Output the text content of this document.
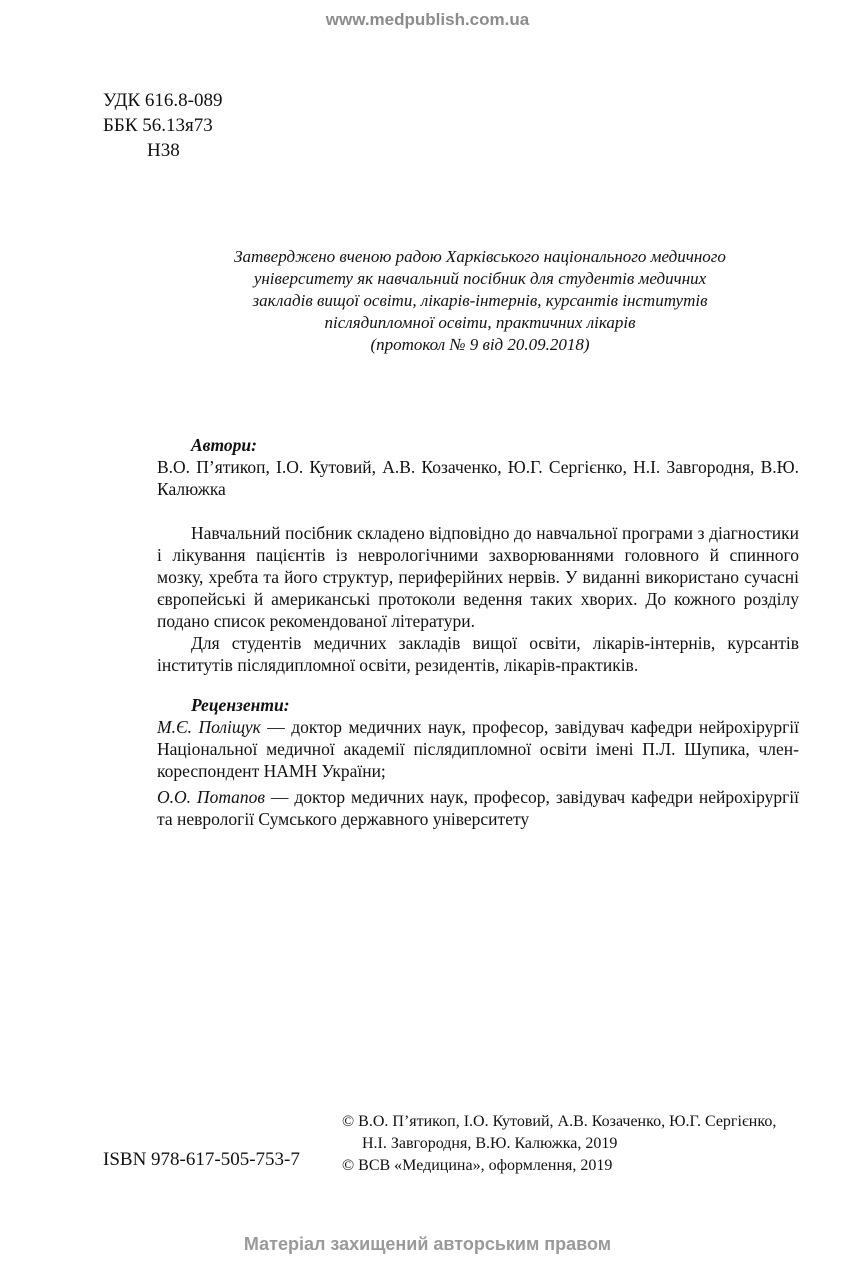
www.medpublish.com.ua
УДК 616.8-089
ББК 56.13я73
Н38
Затверджено вченою радою Харківського національного медичного
університету як навчальний посібник для студентів медичних
закладів вищої освіти, лікарів-інтернів, курсантів інститутів
післядипломної освіти, практичних лікарів
(протокол № 9 від 20.09.2018)
Автори:
В.О. П’ятикоп, І.О. Кутовий, А.В. Козаченко, Ю.Г. Сергієнко, Н.І. Завгородня, В.Ю. Калюжка

Навчальний посібник складено відповідно до навчальної програми з діагностики і лікування пацієнтів із неврологічними захворюваннями головного й спинного мозку, хребта та його структур, периферійних нервів. У виданні використано сучасні європейські й американські протоколи ведення таких хворих. До кожного розділу подано список рекомендованої літератури.

Для студентів медичних закладів вищої освіти, лікарів-інтернів, курсантів інститутів післядипломної освіти, резидентів, лікарів-практиків.

Рецензенти:

М.Є. Поліщук — доктор медичних наук, професор, завідувач кафедри нейрохірургії Національної медичної академії післядипломної освіти імені П.Л. Шупика, член-кореспондент НАМН України;

О.О. Потапов — доктор медичних наук, професор, завідувач кафедри нейрохірургії та неврології Сумського державного університету

ISBN 978-617-505-753-7
© В.О. П’ятикоп, І.О. Кутовий, А.В. Козаченко, Ю.Г. Сергієнко,
Н.І. Завгородня, В.Ю. Калюжка, 2019
© ВСВ «Медицина», оформлення, 2019
Матеріал захищений авторським правом
